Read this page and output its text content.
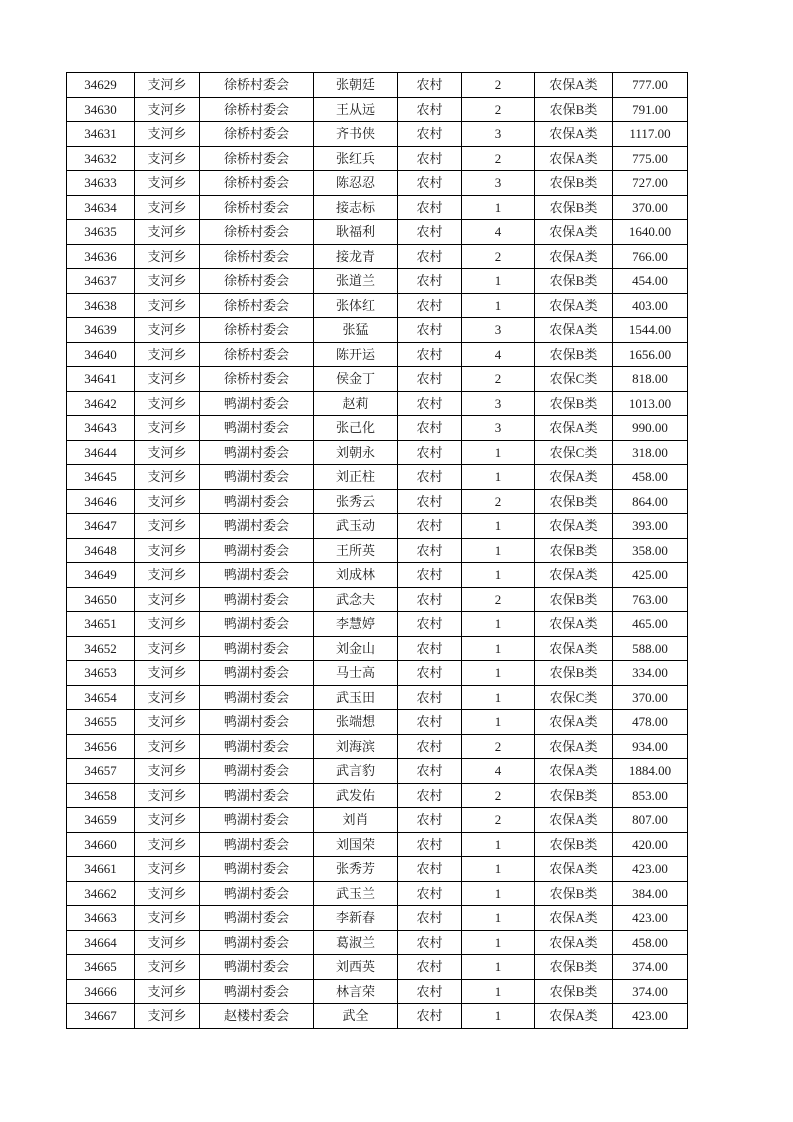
34629	支河乡	徐桥村委会	张朝廷	农村	2	农保A类	777.00
34630	支河乡	徐桥村委会	王从远	农村	2	农保B类	791.00
34631	支河乡	徐桥村委会	齐书侠	农村	3	农保A类	1117.00
34632	支河乡	徐桥村委会	张红兵	农村	2	农保A类	775.00
34633	支河乡	徐桥村委会	陈忍忍	农村	3	农保B类	727.00
34634	支河乡	徐桥村委会	接志标	农村	1	农保B类	370.00
34635	支河乡	徐桥村委会	耿福利	农村	4	农保A类	1640.00
34636	支河乡	徐桥村委会	接龙青	农村	2	农保A类	766.00
34637	支河乡	徐桥村委会	张道兰	农村	1	农保B类	454.00
34638	支河乡	徐桥村委会	张体红	农村	1	农保A类	403.00
34639	支河乡	徐桥村委会	张猛	农村	3	农保A类	1544.00
34640	支河乡	徐桥村委会	陈开运	农村	4	农保B类	1656.00
34641	支河乡	徐桥村委会	侯金丁	农村	2	农保C类	818.00
34642	支河乡	鸭湖村委会	赵莉	农村	3	农保B类	1013.00
34643	支河乡	鸭湖村委会	张己化	农村	3	农保A类	990.00
34644	支河乡	鸭湖村委会	刘朝永	农村	1	农保C类	318.00
34645	支河乡	鸭湖村委会	刘正柱	农村	1	农保A类	458.00
34646	支河乡	鸭湖村委会	张秀云	农村	2	农保B类	864.00
34647	支河乡	鸭湖村委会	武玉动	农村	1	农保A类	393.00
34648	支河乡	鸭湖村委会	王所英	农村	1	农保B类	358.00
34649	支河乡	鸭湖村委会	刘成林	农村	1	农保A类	425.00
34650	支河乡	鸭湖村委会	武念夫	农村	2	农保B类	763.00
34651	支河乡	鸭湖村委会	李慧婷	农村	1	农保A类	465.00
34652	支河乡	鸭湖村委会	刘金山	农村	1	农保A类	588.00
34653	支河乡	鸭湖村委会	马士高	农村	1	农保B类	334.00
34654	支河乡	鸭湖村委会	武玉田	农村	1	农保C类	370.00
34655	支河乡	鸭湖村委会	张端想	农村	1	农保A类	478.00
34656	支河乡	鸭湖村委会	刘海滨	农村	2	农保A类	934.00
34657	支河乡	鸭湖村委会	武言豹	农村	4	农保A类	1884.00
34658	支河乡	鸭湖村委会	武发佑	农村	2	农保B类	853.00
34659	支河乡	鸭湖村委会	刘肖	农村	2	农保A类	807.00
34660	支河乡	鸭湖村委会	刘国荣	农村	1	农保B类	420.00
34661	支河乡	鸭湖村委会	张秀芳	农村	1	农保A类	423.00
34662	支河乡	鸭湖村委会	武玉兰	农村	1	农保B类	384.00
34663	支河乡	鸭湖村委会	李新春	农村	1	农保A类	423.00
34664	支河乡	鸭湖村委会	葛淑兰	农村	1	农保A类	458.00
34665	支河乡	鸭湖村委会	刘西英	农村	1	农保B类	374.00
34666	支河乡	鸭湖村委会	林言荣	农村	1	农保B类	374.00
34667	支河乡	赵楼村委会	武全	农村	1	农保A类	423.00
